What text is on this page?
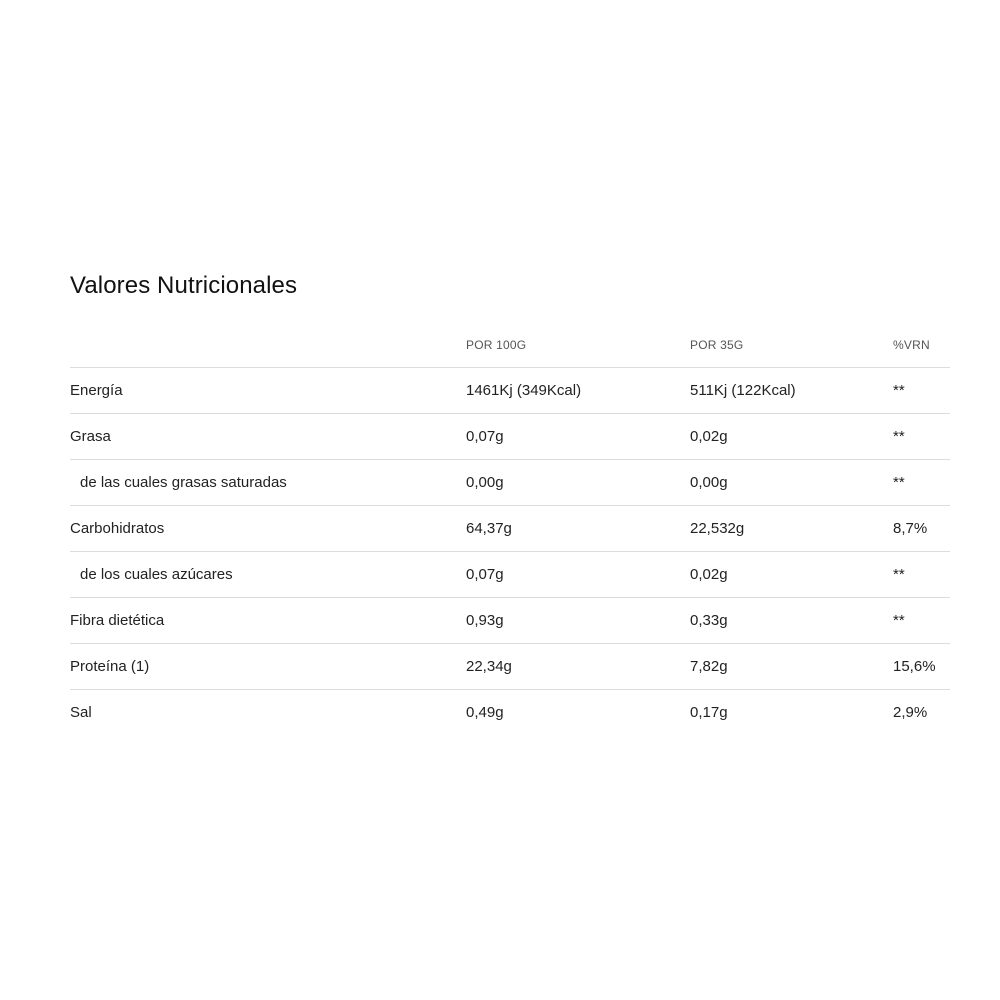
Valores Nutricionales
	POR 100G	POR 35G	%VRN
Energía	1461Kj (349Kcal)	511Kj (122Kcal)	**
Grasa	0,07g	0,02g	**
de las cuales grasas saturadas	0,00g	0,00g	**
Carbohidratos	64,37g	22,532g	8,7%
de los cuales azúcares	0,07g	0,02g	**
Fibra dietética	0,93g	0,33g	**
Proteína (1)	22,34g	7,82g	15,6%
Sal	0,49g	0,17g	2,9%
